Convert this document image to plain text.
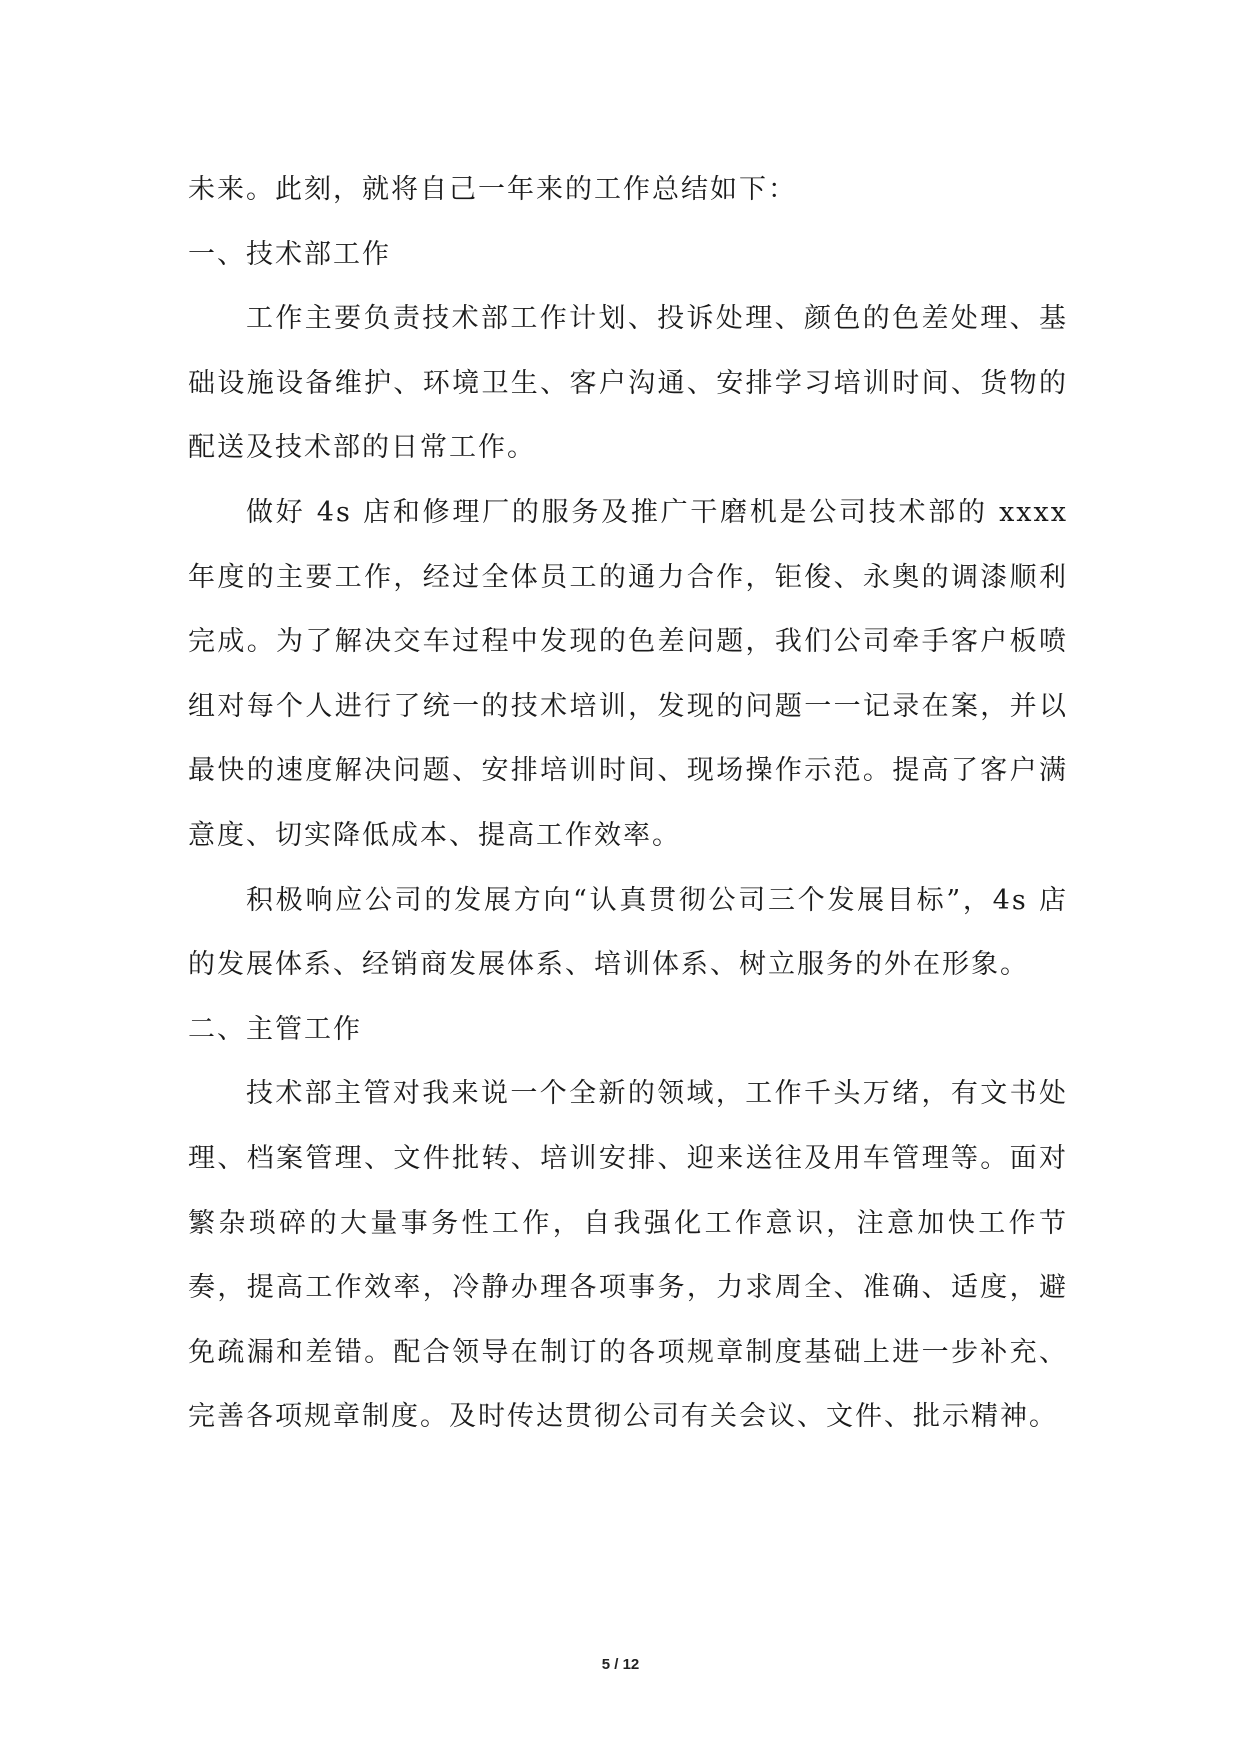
未来。此刻，就将自己一年来的工作总结如下：

一、技术部工作

工作主要负责技术部工作计划、投诉处理、颜色的色差处理、基础设施设备维护、环境卫生、客户沟通、安排学习培训时间、货物的配送及技术部的日常工作。

做好 4s 店和修理厂的服务及推广干磨机是公司技术部的 xxxx 年度的主要工作，经过全体员工的通力合作，钜俊、永奥的调漆顺利完成。为了解决交车过程中发现的色差问题，我们公司牵手客户板喷组对每个人进行了统一的技术培训，发现的问题一一记录在案，并以最快的速度解决问题、安排培训时间、现场操作示范。提高了客户满意度、切实降低成本、提高工作效率。

积极响应公司的发展方向“认真贯彻公司三个发展目标”，4s 店的发展体系、经销商发展体系、培训体系、树立服务的外在形象。

二、主管工作

技术部主管对我来说一个全新的领域，工作千头万绪，有文书处理、档案管理、文件批转、培训安排、迎来送往及用车管理等。面对繁杂琐碎的大量事务性工作，自我强化工作意识，注意加快工作节奏，提高工作效率，冷静办理各项事务，力求周全、准确、适度，避免疏漏和差错。配合领导在制订的各项规章制度基础上进一步补充、完善各项规章制度。及时传达贯彻公司有关会议、文件、批示精神。

5 / 12
